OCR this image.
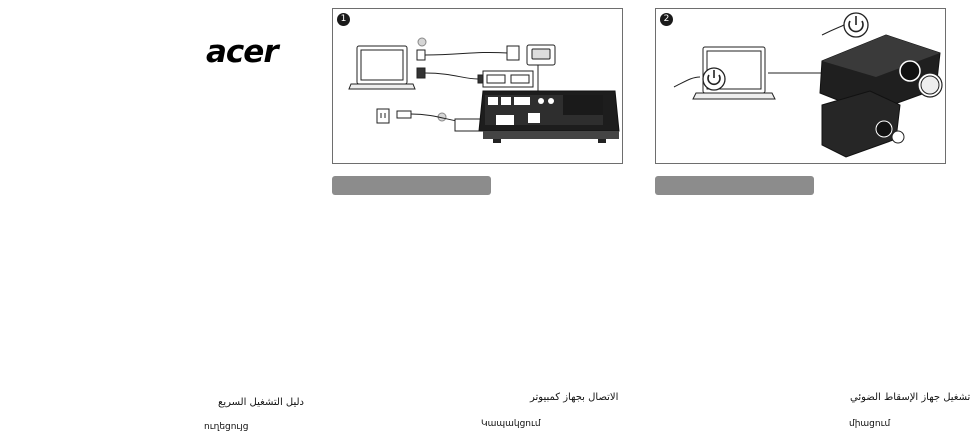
acer
1	2
دليل التشغيل السريع
ուղեցույց
الاتصال بجهاز كمبيوتر
Կապակցում
تشغيل جهاز الإسقاط الضوئي
միացում
